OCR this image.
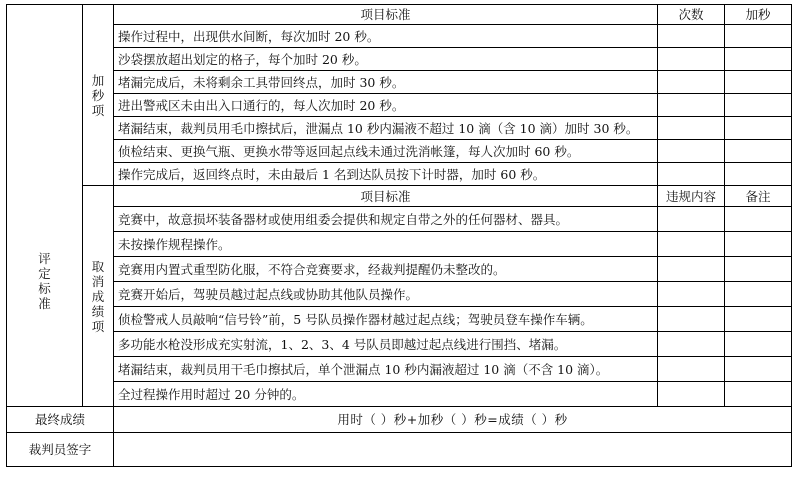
评
定
标
准	加
秒
项	项目标准	次数	加秒
		操作过程中，出现供水间断，每次加时 20 秒。		
		沙袋摆放超出划定的格子，每个加时 20 秒。		
		堵漏完成后，未将剩余工具带回终点，加时 30 秒。		
		进出警戒区未由出入口通行的，每人次加时 20 秒。		
		堵漏结束，裁判员用毛巾擦拭后，泄漏点 10 秒内漏液不超过 10 滴（含 10 滴）加时 30 秒。		
		侦检结束、更换气瓶、更换水带等返回起点线未通过洗消帐篷，每人次加时 60 秒。		
		操作完成后，返回终点时，未由最后 1 名到达队员按下计时器，加时 60 秒。		

	取
消
成
绩
项	项目标准	违规内容	备注
		竞赛中，故意损坏装备器材或使用组委会提供和规定自带之外的任何器材、器具。		
		未按操作规程操作。		
		竞赛用内置式重型防化服，不符合竞赛要求，经裁判提醒仍未整改的。		
		竞赛开始后，驾驶员越过起点线或协助其他队员操作。		
		侦检警戒人员敲响“信号铃”前，5 号队员操作器材越过起点线；驾驶员登车操作车辆。		
		多功能水枪没形成充实射流，1、2、3、4 号队员即越过起点线进行围挡、堵漏。		
		堵漏结束，裁判员用干毛巾擦拭后，单个泄漏点 10 秒内漏液超过 10 滴（不含 10 滴）。		
		全过程操作用时超过 20 分钟的。		
最终成绩		用时（ ）秒+加秒（ ）秒=成绩（ ）秒		
裁判员签字				
